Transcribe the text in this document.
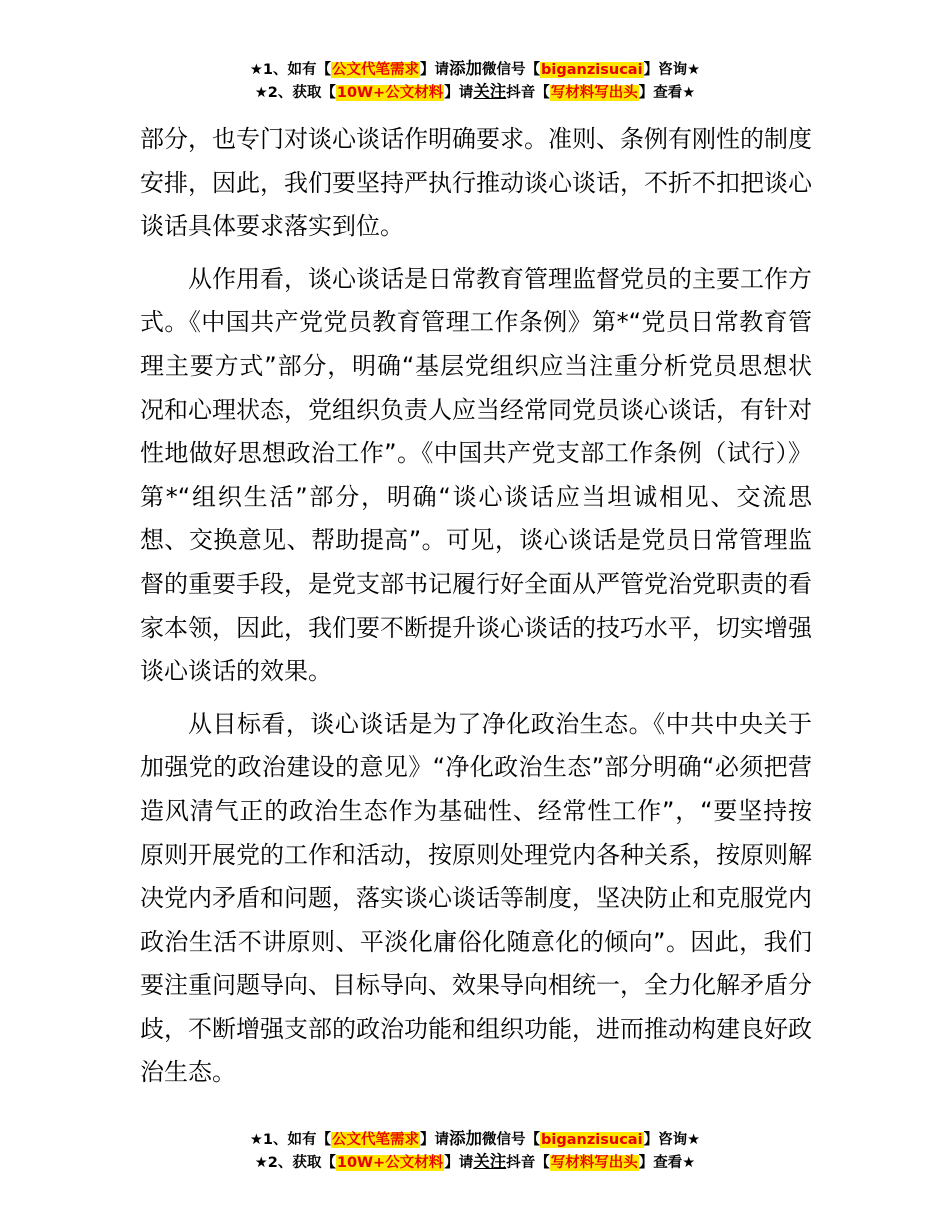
★1、如有【公文代笔需求】请添加微信号【biganzisucai】咨询★
★2、获取【10W+公文材料】请关注抖音【写材料写出头】查看★

部分，也专门对谈心谈话作明确要求。准则、条例有刚性的制度安排，因此，我们要坚持严执行推动谈心谈话，不折不扣把谈心谈话具体要求落实到位。

从作用看，谈心谈话是日常教育管理监督党员的主要工作方式。《中国共产党党员教育管理工作条例》第*“党员日常教育管理主要方式”部分，明确“基层党组织应当注重分析党员思想状况和心理状态，党组织负责人应当经常同党员谈心谈话，有针对性地做好思想政治工作”。《中国共产党支部工作条例（试行）》第*“组织生活”部分，明确“谈心谈话应当坦诚相见、交流思想、交换意见、帮助提高”。可见，谈心谈话是党员日常管理监督的重要手段，是党支部书记履行好全面从严管党治党职责的看家本领，因此，我们要不断提升谈心谈话的技巧水平，切实增强谈心谈话的效果。

从目标看，谈心谈话是为了净化政治生态。《中共中央关于加强党的政治建设的意见》“净化政治生态”部分明确“必须把营造风清气正的政治生态作为基础性、经常性工作”，“要坚持按原则开展党的工作和活动，按原则处理党内各种关系，按原则解决党内矛盾和问题，落实谈心谈话等制度，坚决防止和克服党内政治生活不讲原则、平淡化庸俗化随意化的倾向”。因此，我们要注重问题导向、目标导向、效果导向相统一，全力化解矛盾分歧，不断增强支部的政治功能和组织功能，进而推动构建良好政治生态。

★1、如有【公文代笔需求】请添加微信号【biganzisucai】咨询★
★2、获取【10W+公文材料】请关注抖音【写材料写出头】查看★
